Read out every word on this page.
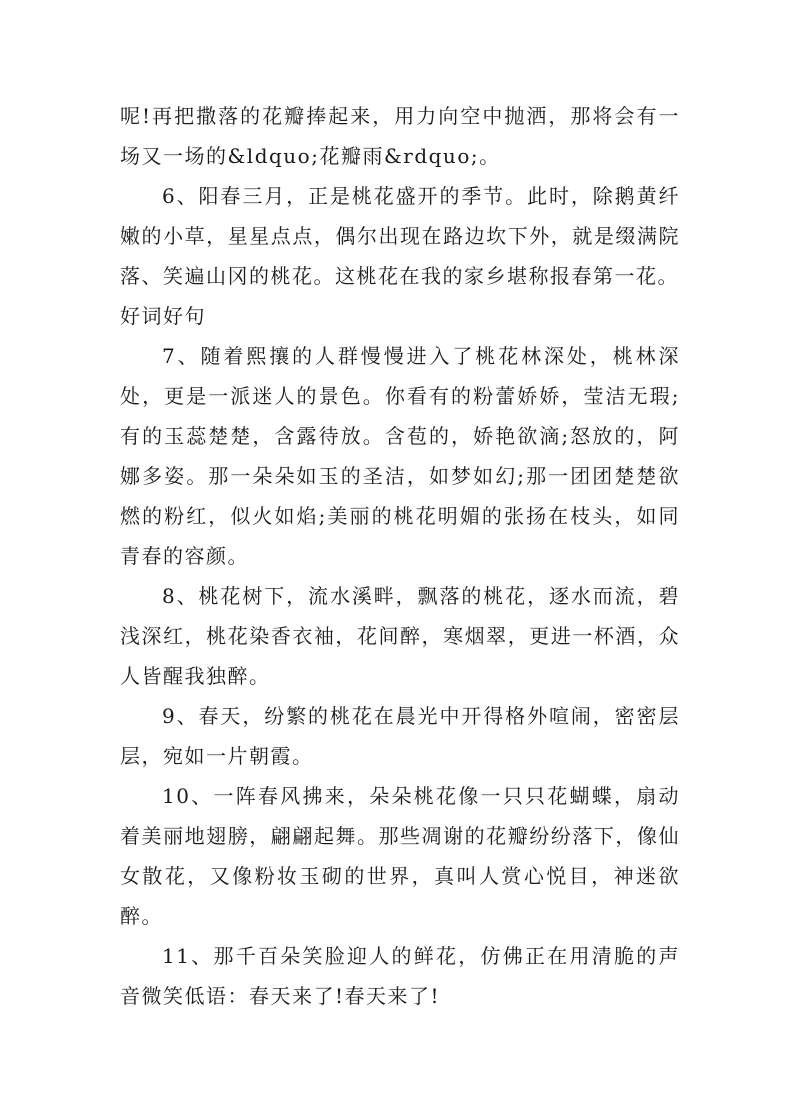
呢!再把撒落的花瓣捧起来，用力向空中抛洒，那将会有一场又一场的&ldquo;花瓣雨&rdquo;。

6、阳春三月，正是桃花盛开的季节。此时，除鹅黄纤嫩的小草，星星点点，偶尔出现在路边坎下外，就是缀满院落、笑遍山冈的桃花。这桃花在我的家乡堪称报春第一花。

好词好句

7、随着熙攘的人群慢慢进入了桃花林深处，桃林深处，更是一派迷人的景色。你看有的粉蕾娇娇，莹洁无瑕;有的玉蕊楚楚，含露待放。含苞的，娇艳欲滴;怒放的，阿娜多姿。那一朵朵如玉的圣洁，如梦如幻;那一团团楚楚欲燃的粉红，似火如焰;美丽的桃花明媚的张扬在枝头，如同青春的容颜。

8、桃花树下，流水溪畔，飘落的桃花，逐水而流，碧浅深红，桃花染香衣袖，花间醉，寒烟翠，更进一杯酒，众人皆醒我独醉。

9、春天，纷繁的桃花在晨光中开得格外喧闹，密密层层，宛如一片朝霞。

10、一阵春风拂来，朵朵桃花像一只只花蝴蝶，扇动着美丽地翅膀，翩翩起舞。那些凋谢的花瓣纷纷落下，像仙女散花，又像粉妆玉砌的世界，真叫人赏心悦目，神迷欲醉。

11、那千百朵笑脸迎人的鲜花，仿佛正在用清脆的声音微笑低语：春天来了!春天来了!
